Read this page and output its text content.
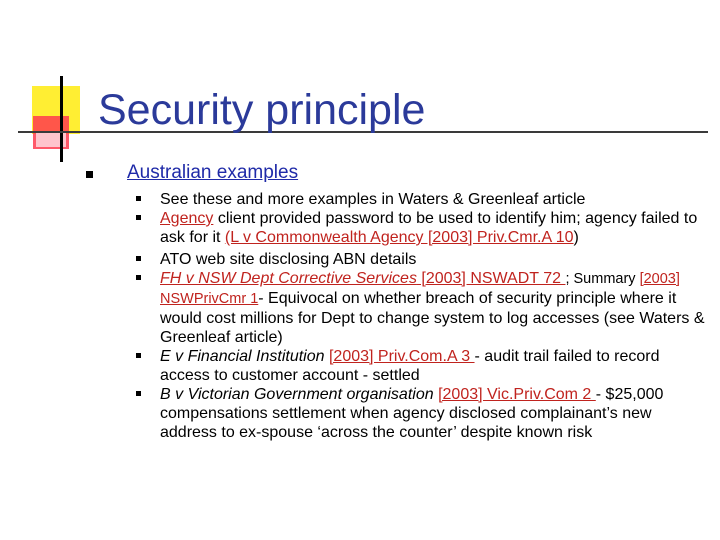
Security principle
Australian examples
See these and more examples in Waters & Greenleaf article
Agency client provided password to be used to identify him; agency failed to ask for it (L v Commonwealth Agency [2003] Priv.Cmr.A 10)
ATO web site disclosing ABN details
FH v NSW Dept Corrective Services [2003] NSWADT 72 ; Summary [2003] NSWPrivCmr 1- Equivocal on whether breach of security principle where it would cost millions for Dept to change system to log accesses (see Waters & Greenleaf article)
E v Financial Institution [2003] Priv.Com.A 3 - audit trail failed to record access to customer account - settled
B v Victorian Government organisation [2003] Vic.Priv.Com 2 - $25,000 compensations settlement when agency disclosed complainant’s new address to ex-spouse ‘across the counter’ despite known risk
